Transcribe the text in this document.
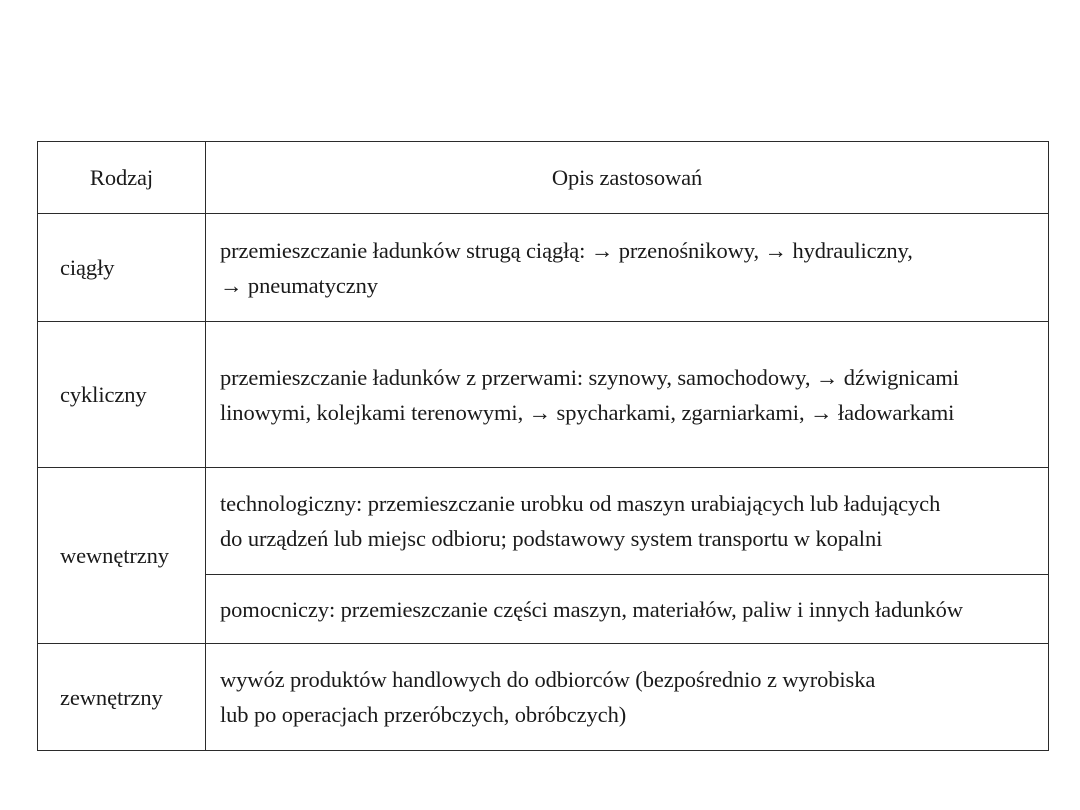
Rodzaj	Opis zastosowań
ciągły	przemieszczanie ładunków strugą ciągłą: → przenośnikowy, → hydrauliczny,
→ pneumatyczny

cykliczny	przemieszczanie ładunków z przerwami: szynowy, samochodowy, → dźwignicami
linowymi, kolejkami terenowymi, → spycharkami, zgarniarkami, → ładowarkami

wewnętrzny	technologiczny: przemieszczanie urobku od maszyn urabiających lub ładujących
do urządzeń lub miejsc odbioru; podstawowy system transportu w kopalni

	pomocniczy: przemieszczanie części maszyn, materiałów, paliw i innych ładunków

zewnętrzny	wywóz produktów handlowych do odbiorców (bezpośrednio z wyrobiska
lub po operacjach przeróbczych, obróbczych)
